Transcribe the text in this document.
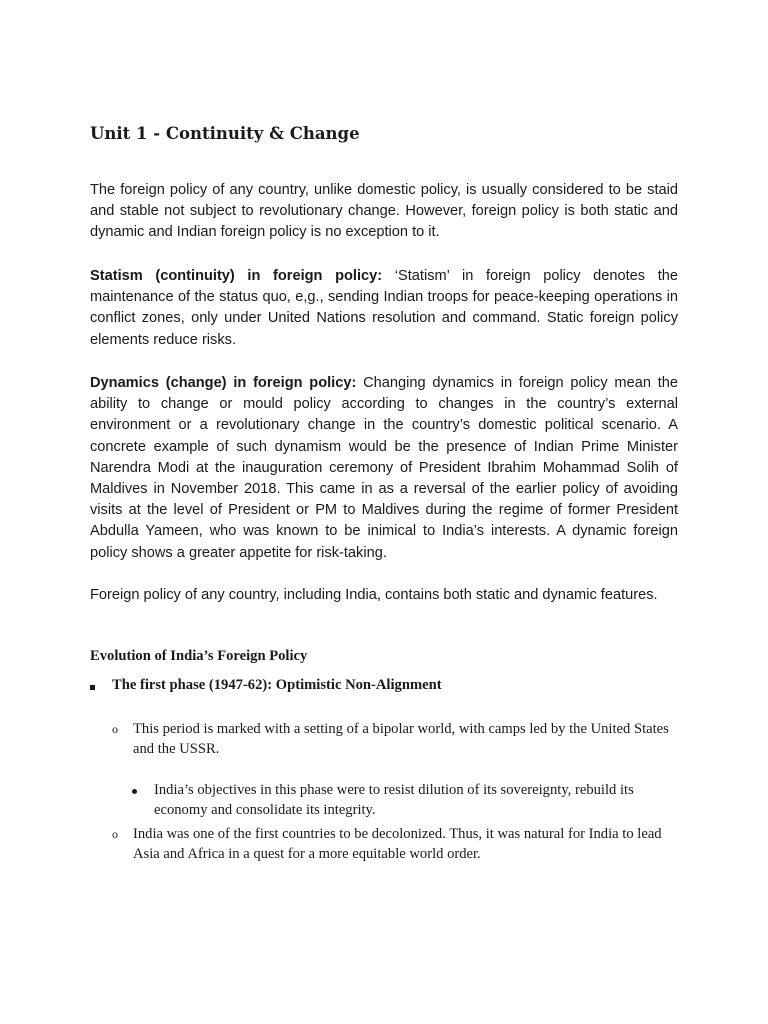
Unit 1 - Continuity & Change

The foreign policy of any country, unlike domestic policy, is usually considered to be staid and stable not subject to revolutionary change. However, foreign policy is both static and dynamic and Indian foreign policy is no exception to it.

Statism (continuity) in foreign policy: ‘Statism’ in foreign policy denotes the maintenance of the status quo, e,g., sending Indian troops for peace-keeping operations in conflict zones, only under United Nations resolution and command. Static foreign policy elements reduce risks.

Dynamics (change) in foreign policy: Changing dynamics in foreign policy mean the ability to change or mould policy according to changes in the country’s external environment or a revolutionary change in the country’s domestic political scenario. A concrete example of such dynamism would be the presence of Indian Prime Minister Narendra Modi at the inauguration ceremony of President Ibrahim Mohammad Solih of Maldives in November 2018. This came in as a reversal of the earlier policy of avoiding visits at the level of President or PM to Maldives during the regime of former President Abdulla Yameen, who was known to be inimical to India’s interests. A dynamic foreign policy shows a greater appetite for risk-taking.

Foreign policy of any country, including India, contains both static and dynamic features.

Evolution of India’s Foreign Policy
The first phase (1947-62): Optimistic Non-Alignment

o This period is marked with a setting of a bipolar world, with camps led by the United States and the USSR.

India’s objectives in this phase were to resist dilution of its sovereignty, rebuild its economy and consolidate its integrity.

o India was one of the first countries to be decolonized. Thus, it was natural for India to lead Asia and Africa in a quest for a more equitable world order.
